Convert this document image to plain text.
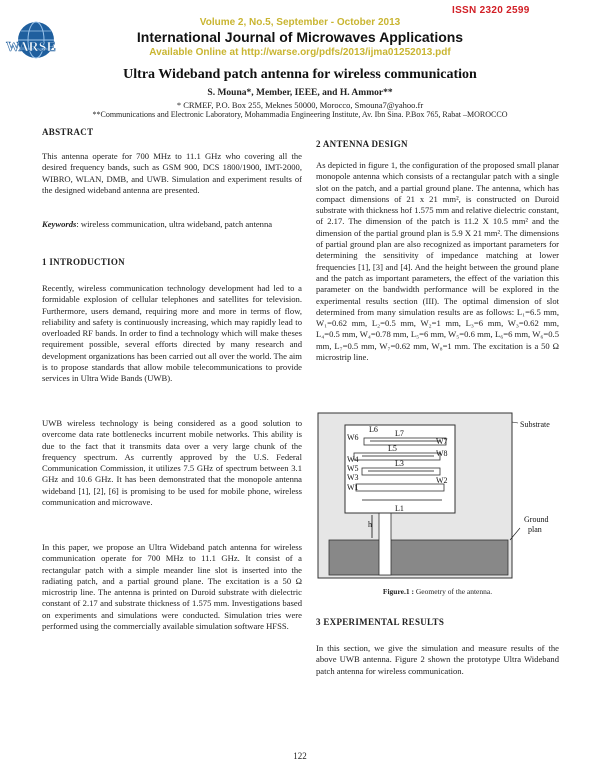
ISSN 2320 2599
WARSE
Volume 2, No.5, September - October 2013
International Journal of Microwaves Applications
Available Online at http://warse.org/pdfs/2013/ijma01252013.pdf
Ultra Wideband patch antenna for wireless communication
S. Mouna*, Member, IEEE, and H. Ammor**
* CRMEF, P.O. Box 255, Meknes 50000, Morocco, Smouna7@yahoo.fr
**Communications and Electronic Laboratory, Mohammadia Engineering Institute, Av. Ibn Sina. P.Box 765, Rabat –MOROCCO
ABSTRACT
This antenna operate for 700 MHz to 11.1 GHz who covering all the desired frequency bands, such as GSM 900, DCS 1800/1900, IMT-2000, WIBRO, WLAN, DMB, and UWB. Simulation and experiment results of the designed wideband antenna are presented.
Keywords: wireless communication, ultra wideband, patch antenna
1 INTRODUCTION
Recently, wireless communication technology development had led to a formidable explosion of cellular telephones and satellites for television. Furthermore, users demand, requiring more and more in terms of flow, reliability and safety is continuously increasing, which may rapidly lead to overloaded RF bands. In order to find a technology which will make theses requirement possible, several efforts directed by many research and development organizations has been carried out all over the world. The aim is to propose standards that allow mobile telecommunications to provide services in Ultra Wide Bands (UWB).
UWB wireless technology is being considered as a good solution to overcome data rate bottlenecks incurrent mobile networks. This ability is due to the fact that it transmits data over a very large chunk of the frequency spectrum. As currently approved by the U.S. Federal Communication Commission, it utilizes 7.5 GHz of spectrum between 3.1 GHz and 10.6 GHz. It has been demonstrated that the monopole antenna wideband [1], [2], [6] is promising to be used for mobile phone, wireless communication and microwave.
In this paper, we propose an Ultra Wideband patch antenna for wireless communication operate for 700 MHz to 11.1 GHz. It consist of a rectangular patch with a simple meander line slot is inserted into the radiating patch, and a partial ground plane. The excitation is a 50 Ω microstrip line. The antenna is printed on Duroid substrate with dielectric constant of 2.17 and substrate thickness of 1.575 mm. Investigations based on experiments and simulations were conducted. Simulation tries were performed using the commercially available simulation software HFSS.
2 ANTENNA DESIGN
As depicted in figure 1, the configuration of the proposed small planar monopole antenna which consists of a rectangular patch with a single slot on the patch, and a partial ground plane. The antenna, which has compact dimensions of 21 x 21 mm², is constructed on Duroid substrate with thickness hof 1.575 mm and relative dielectric constant, of 2.17. The dimension of the patch is 11.2 X 10.5 mm² and the dimension of the partial ground plan is 5.9 X 21 mm². The dimensions of partial ground plan are also recognized as important parameters for determining the sensitivity of impedance matching at lower frequencies [1], [3] and [4]. And the height between the ground plane and the patch as important parameters, the effect of the variation this parameter on the bandwidth performance will be explored in the experimental results section (III). The optimal dimension of slot determined from many simulation results are as follows: L₁=6.5 mm, W₁=0.62 mm, L₂=0.5 mm, W₂=1 mm, L₃=6 mm, W₃=0.62 mm, L₄=0.5 mm, W₄=0.78 mm, L₅=6 mm, W₅=0.6 mm, L₆=6 mm, W₆=0.5 mm, L₇=0.5 mm, W₇=0.62 mm, W₈=1 mm. The excitation is a 50 Ω microstrip line.
L6 L7
L5
L3
L1
W6	W7
W8
W4
W5
W3
W1
W2
h
Substrate
Ground
plan
Figure.1 : Geometry of the antenna.
3 EXPERIMENTAL RESULTS
In this section, we give the simulation and measure results of the above UWB antenna. Figure 2 shown the prototype Ultra Wideband patch antenna for wireless communication.
122
